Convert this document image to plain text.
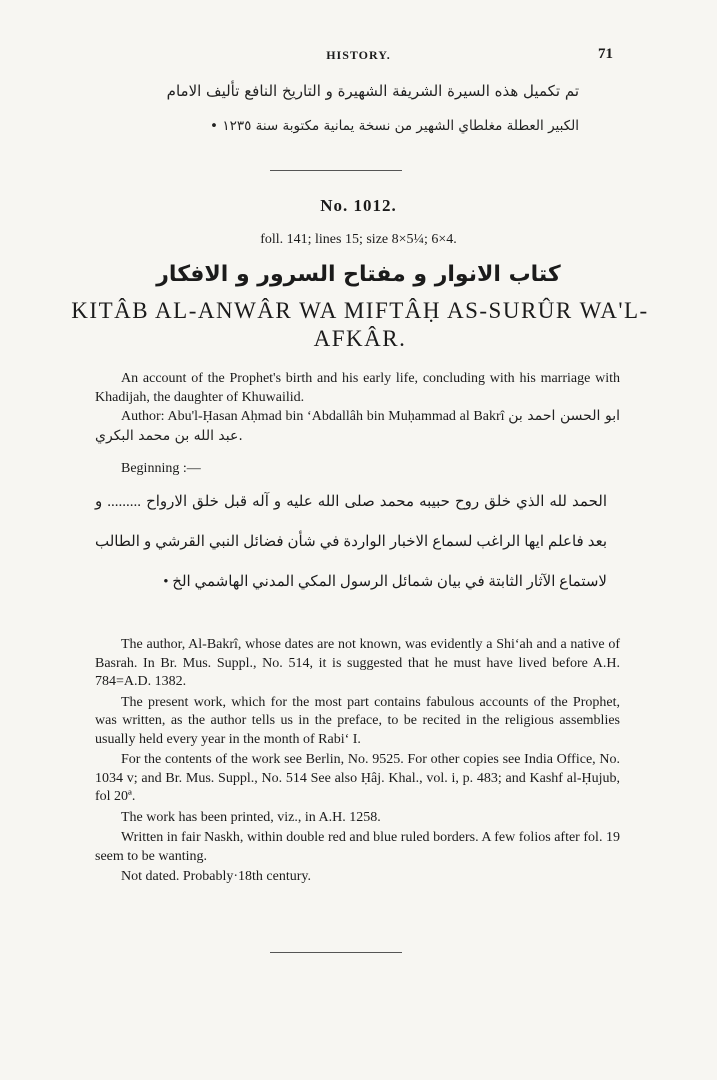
HISTORY.	71
تم تكميل هذه السيرة الشريفة الشهيرة و التاريخ النافع تأليف الامام
الكبير العطلة مغلطاي الشهير من نسخة يمانية مكتوبة سنة ١٢٣٥ •
No. 1012.
foll. 141; lines 15; size 8×5¼; 6×4.
كتاب الانوار و مفتاح السرور و الافكار
KITÂB AL-ANWÂR WA MIFTÂḤ AS-SURÛR WA'L-AFKÂR.

An account of the Prophet's birth and his early life, concluding with his marriage with Khadijah, the daughter of Khuwailid.

Author: Abu'l-Ḥasan Aḥmad bin ʻAbdallâh bin Muḥammad al Bakrî ابو الحسن احمد بن عبد الله بن محمد البكري.

Beginning :—

الحمد لله الذي خلق روح حبيبه محمد صلى الله عليه و آله قبل خلق الارواح ......... و بعد فاعلم ايها الراغب لسماع الاخبار الواردة في شأن فضائل النبي القرشي و الطالب لاستماع الآثار الثابتة في بيان شمائل الرسول المكي المدني الهاشمي الخ •

The author, Al-Bakrî, whose dates are not known, was evidently a Shiʻah and a native of Basrah. In Br. Mus. Suppl., No. 514, it is suggested that he must have lived before A.H. 784=A.D. 1382.

The present work, which for the most part contains fabulous accounts of the Prophet, was written, as the author tells us in the preface, to be recited in the religious assemblies usually held every year in the month of Rabiʻ I.

For the contents of the work see Berlin, No. 9525. For other copies see India Office, No. 1034 v; and Br. Mus. Suppl., No. 514 See also Ḥâj. Khal., vol. i, p. 483; and Kashf al-Ḥujub, fol 20ª.

The work has been printed, viz., in A.H. 1258.

Written in fair Naskh, within double red and blue ruled borders. A few folios after fol. 19 seem to be wanting.

Not dated. Probably·18th century.
